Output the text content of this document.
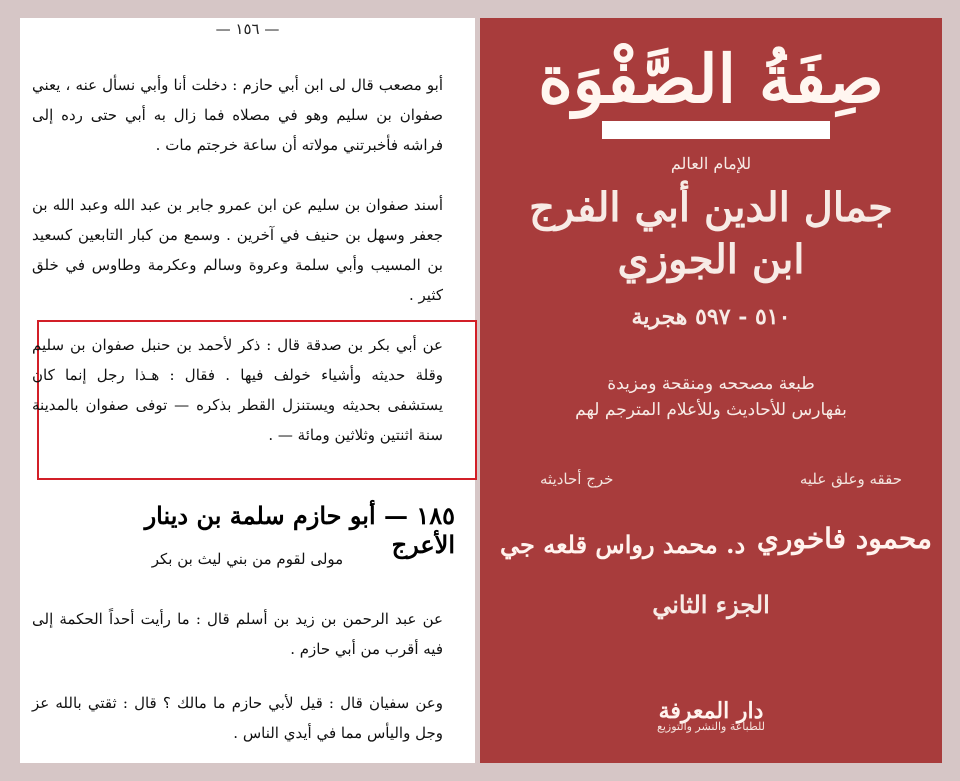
— ١٥٦ —
أبو مصعب قال لى ابن أبي حازم : دخلت أنا وأبي نسأل عنه ، يعني صفوان بن سليم وهو في مصلاه فما زال به أبي حتى رده إلى فراشه فأخبرتني مولاته أن ساعة خرجتم مات .
أسند صفوان بن سليم عن ابن عمرو جابر بن عبد الله وعبد الله بن جعفر وسهل بن حنيف في آخرين . وسمع من كبار التابعين كسعيد بن المسيب وأبي سلمة وعروة وسالم وعكرمة وطاوس في خلق كثير .
عن أبي بكر بن صدقة قال : ذكر لأحمد بن حنبل صفوان بن سليم وقلة حديثه وأشياء خولف فيها . فقال : هـذا رجل إنما كان يستشفى بحديثه ويستنزل القطر بذكره — توفى صفوان بالمدينة سنة اثنتين وثلاثين ومائة — .
١٨٥ — أبو حازم سلمة بن دينار الأعرج
مولى لقوم من بني ليث بن بكر
عن عبد الرحمن بن زيد بن أسلم قال : ما رأيت أحداً الحكمة إلى فيه أقرب من أبي حازم .
وعن سفيان قال : قيل لأبي حازم ما مالك ؟ قال : ثقتي بالله عز وجل واليأس مما في أيدي الناس .
صِفَةُ الصَّفْوَة
للإمام العالم
جمال الدين أبي الفرج
ابن الجوزي
٥١٠ - ٥٩٧ هجرية
طبعة مصححه ومنقحة ومزيدة
بفهارس للأحاديث وللأعلام المترجم لهم
حققه وعلق عليه
محمود فاخوري
خرج أحاديثه
د. محمد رواس قلعه جي
الجزء الثاني
دار المعرفة
للطباعة والنشر والتوزيع
